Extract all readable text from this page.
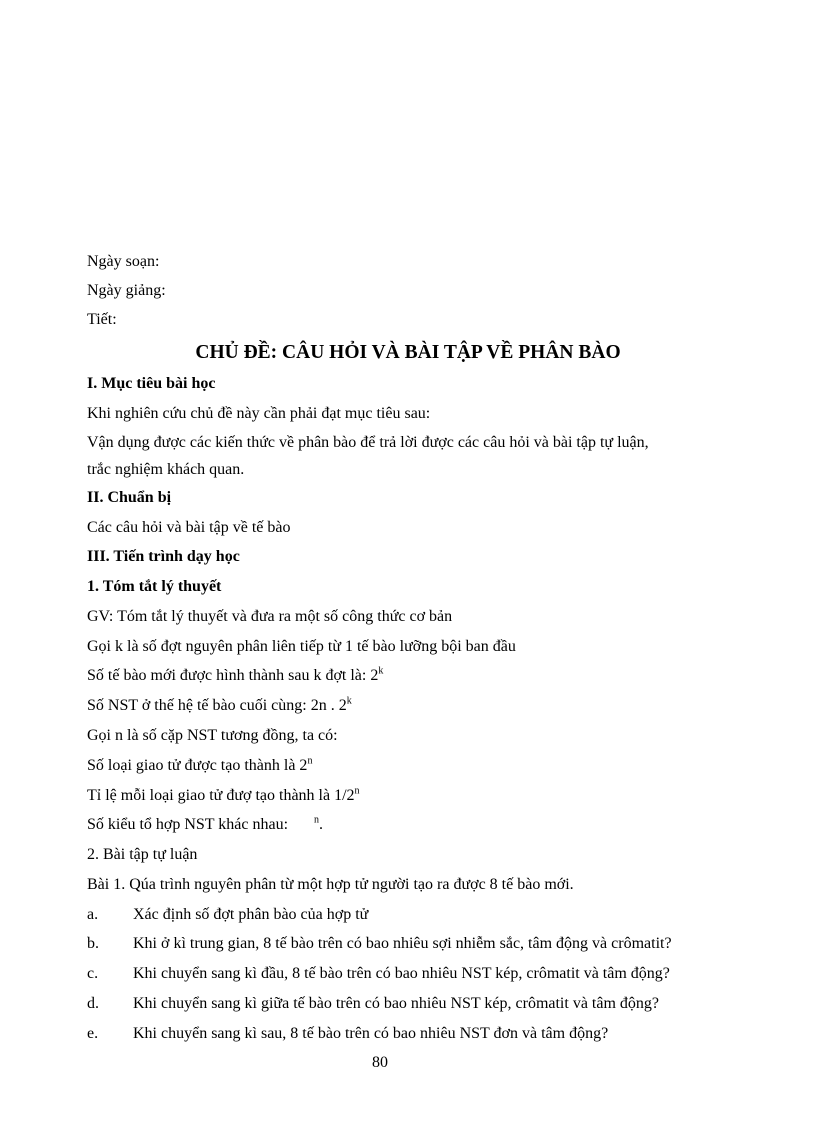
Ngày soạn:
Ngày giảng:
Tiết:
CHỦ ĐỀ: CÂU HỎI VÀ BÀI TẬP VỀ PHÂN BÀO
I. Mục tiêu bài học
Khi nghiên cứu chủ đề này cần phải đạt mục tiêu sau:
Vận dụng được các kiến thức về phân bào để trả lời được các câu hỏi và bài tập tự luận,
trắc nghiệm khách quan.
II. Chuẩn bị
Các câu hỏi và bài tập về tế bào
III. Tiến trình dạy học
1. Tóm tắt lý thuyết
GV: Tóm tắt lý thuyết và đưa ra một số công thức cơ bản
Gọi k là số đợt nguyên phân liên tiếp từ 1 tế bào lưỡng bội ban đầu
Số tế bào mới được hình thành sau k đợt là: 2$^k$
Số NST ở thế hệ tế bào cuối cùng: 2n . 2$^k$
Gọi n là số cặp NST tương đồng, ta có:
Số loại giao tử được tạo thành là 2$^n$
Tỉ lệ mỗi loại giao tử đượ tạo thành là 1/2$^n$
Số kiểu tổ hợp NST khác nhau:	$^n$.
2. Bài tập tự luận
Bài 1. Qúa trình nguyên phân từ một hợp tử người tạo ra được 8 tế bào mới.
a. Xác định số đợt phân bào của hợp tử
b. Khi ở kì trung gian, 8 tế bào trên có bao nhiêu sợi nhiễm sắc, tâm động và crômatit?
c. Khi chuyển sang kì đầu, 8 tế bào trên có bao nhiêu NST kép, crômatit và tâm động?
d. Khi chuyển sang kì giữa tế bào trên có bao nhiêu NST kép, crômatit và tâm động?
e. Khi chuyển sang kì sau, 8 tế bào trên có bao nhiêu NST đơn và tâm động?
80
